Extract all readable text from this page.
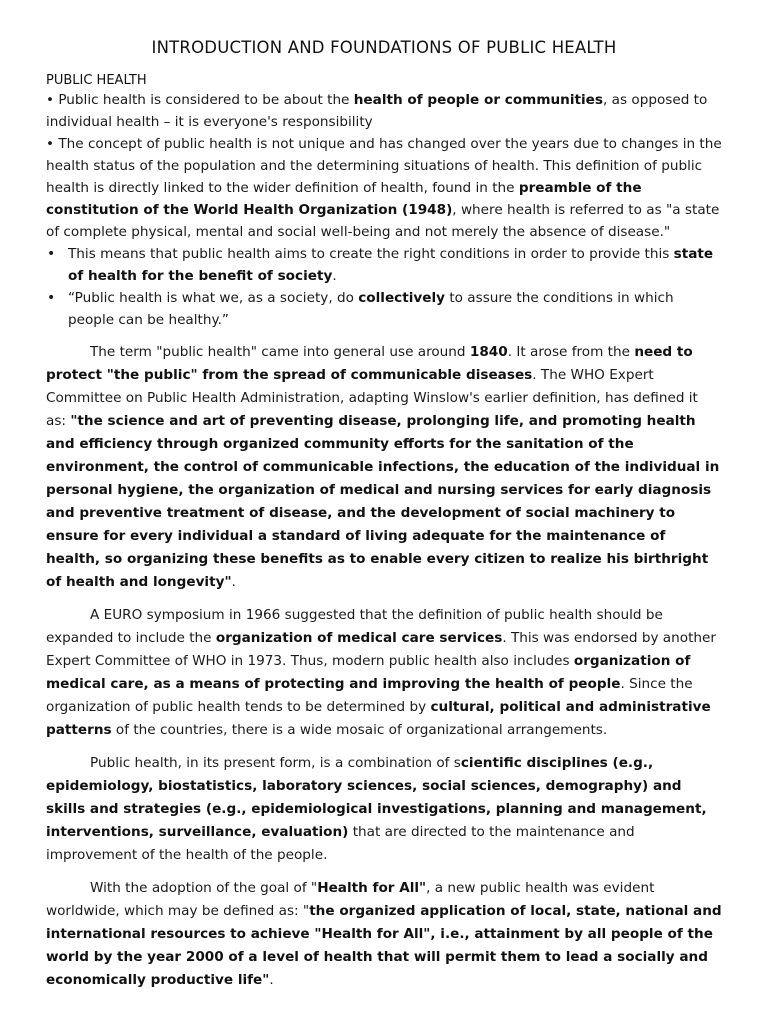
INTRODUCTION AND FOUNDATIONS OF PUBLIC HEALTH
PUBLIC HEALTH

• Public health is considered to be about the health of people or communities, as opposed to individual health – it is everyone's responsibility

• The concept of public health is not unique and has changed over the years due to changes in the health status of the population and the determining situations of health. This definition of public health is directly linked to the wider definition of health, found in the preamble of the constitution of the World Health Organization (1948), where health is referred to as "a state of complete physical, mental and social well-being and not merely the absence of disease."

• This means that public health aims to create the right conditions in order to provide this state of health for the benefit of society.
• “Public health is what we, as a society, do collectively to assure the conditions in which people can be healthy.”

The term "public health" came into general use around 1840. It arose from the need to protect "the public" from the spread of communicable diseases. The WHO Expert Committee on Public Health Administration, adapting Winslow's earlier definition, has defined it as: "the science and art of preventing disease, prolonging life, and promoting health and efficiency through organized community efforts for the sanitation of the environment, the control of communicable infections, the education of the individual in personal hygiene, the organization of medical and nursing services for early diagnosis and preventive treatment of disease, and the development of social machinery to ensure for every individual a standard of living adequate for the maintenance of health, so organizing these benefits as to enable every citizen to realize his birthright of health and longevity".

A EURO symposium in 1966 suggested that the definition of public health should be expanded to include the organization of medical care services. This was endorsed by another Expert Committee of WHO in 1973. Thus, modern public health also includes organization of medical care, as a means of protecting and improving the health of people. Since the organization of public health tends to be determined by cultural, political and administrative patterns of the countries, there is a wide mosaic of organizational arrangements.

Public health, in its present form, is a combination of scientific disciplines (e.g., epidemiology, biostatistics, laboratory sciences, social sciences, demography) and skills and strategies (e.g., epidemiological investigations, planning and management, interventions, surveillance, evaluation) that are directed to the maintenance and improvement of the health of the people.

With the adoption of the goal of "Health for All", a new public health was evident worldwide, which may be defined as: "the organized application of local, state, national and international resources to achieve "Health for All", i.e., attainment by all people of the world by the year 2000 of a level of health that will permit them to lead a socially and economically productive life".
